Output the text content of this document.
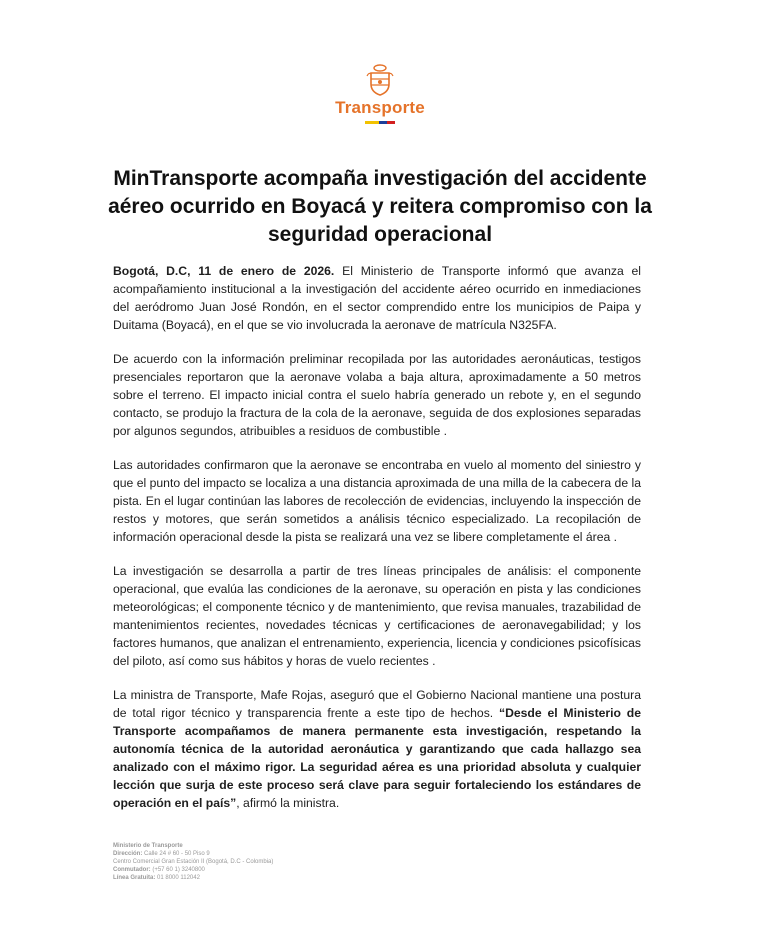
Transporte
MinTransporte acompaña investigación del accidente aéreo ocurrido en Boyacá y reitera compromiso con la seguridad operacional

Bogotá, D.C, 11 de enero de 2026. El Ministerio de Transporte informó que avanza el acompañamiento institucional a la investigación del accidente aéreo ocurrido en inmediaciones del aeródromo Juan José Rondón, en el sector comprendido entre los municipios de Paipa y Duitama (Boyacá), en el que se vio involucrada la aeronave de matrícula N325FA.

De acuerdo con la información preliminar recopilada por las autoridades aeronáuticas, testigos presenciales reportaron que la aeronave volaba a baja altura, aproximadamente a 50 metros sobre el terreno. El impacto inicial contra el suelo habría generado un rebote y, en el segundo contacto, se produjo la fractura de la cola de la aeronave, seguida de dos explosiones separadas por algunos segundos, atribuibles a residuos de combustible .

Las autoridades confirmaron que la aeronave se encontraba en vuelo al momento del siniestro y que el punto del impacto se localiza a una distancia aproximada de una milla de la cabecera de la pista. En el lugar continúan las labores de recolección de evidencias, incluyendo la inspección de restos y motores, que serán sometidos a análisis técnico especializado. La recopilación de información operacional desde la pista se realizará una vez se libere completamente el área .

La investigación se desarrolla a partir de tres líneas principales de análisis: el componente operacional, que evalúa las condiciones de la aeronave, su operación en pista y las condiciones meteorológicas; el componente técnico y de mantenimiento, que revisa manuales, trazabilidad de mantenimientos recientes, novedades técnicas y certificaciones de aeronavegabilidad; y los factores humanos, que analizan el entrenamiento, experiencia, licencia y condiciones psicofísicas del piloto, así como sus hábitos y horas de vuelo recientes .

La ministra de Transporte, Mafe Rojas, aseguró que el Gobierno Nacional mantiene una postura de total rigor técnico y transparencia frente a este tipo de hechos. “Desde el Ministerio de Transporte acompañamos de manera permanente esta investigación, respetando la autonomía técnica de la autoridad aeronáutica y garantizando que cada hallazgo sea analizado con el máximo rigor. La seguridad aérea es una prioridad absoluta y cualquier lección que surja de este proceso será clave para seguir fortaleciendo los estándares de operación en el país”, afirmó la ministra.

Ministerio de Transporte
Dirección: Calle 24 # 60 - 50 Piso 9
Centro Comercial Gran Estación II (Bogotá, D.C - Colombia)
Conmutador: (+57 60 1) 3240800
Línea Gratuita: 01 8000 112042
